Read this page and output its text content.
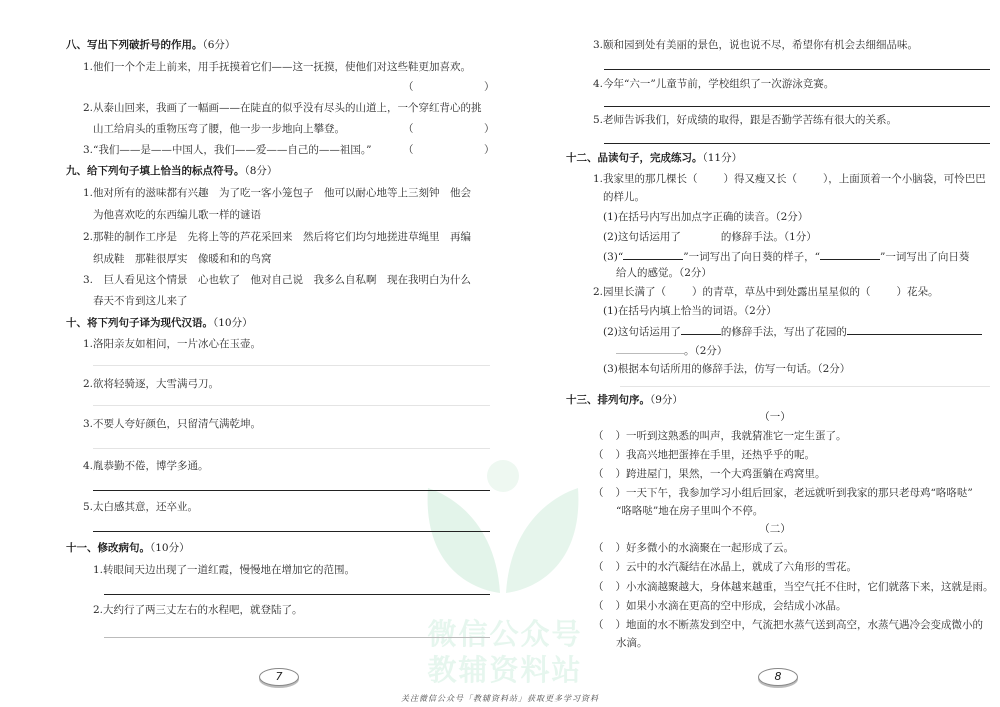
微信公众号
教辅资料站
八、写出下列破折号的作用。（6分）
1.他们一个个走上前来，用手抚摸着它们——这一抚摸，使他们对这些鞋更加喜欢。
（	）
2.从泰山回来，我画了一幅画——在陡直的似乎没有尽头的山道上，一个穿红背心的挑
山工给肩头的重物压弯了腰，他一步一步地向上攀登。	（	）
3.“我们——是——中国人，我们——爱——自己的——祖国。”	（	）
九、给下列句子填上恰当的标点符号。（8分）
1.他对所有的滋味都有兴趣　为了吃一客小笼包子　他可以耐心地等上三刻钟　他会
为他喜欢吃的东西编儿歌一样的谜语
2.那鞋的制作工序是　先将上等的芦花采回来　然后将它们均匀地搓进草绳里　再编
织成鞋　那鞋很厚实　像暖和和的鸟窝
3.　巨人看见这个情景　心也软了　他对自己说　我多么自私啊　现在我明白为什么
春天不肯到这儿来了
十、将下列句子译为现代汉语。（10分）
1.洛阳亲友如相问，一片冰心在玉壶。
2.欲将轻骑逐，大雪满弓刀。
3.不要人夸好颜色，只留清气满乾坤。
4.胤恭勤不倦，博学多通。
5.太白感其意，还卒业。
十一、修改病句。（10分）
1.转眼间天边出现了一道红霞，慢慢地在增加它的范围。
2.大约行了两三丈左右的水程吧，就登陆了。
7
3.颐和园到处有美丽的景色，说也说不尽，希望你有机会去细细品味。
4.今年“六一”儿童节前，学校组织了一次游泳竞赛。
5.老师告诉我们，好成绩的取得，跟是否勤学苦练有很大的关系。
十二、品读句子，完成练习。（11分）
1.我家里的那几棵长（ ）得又瘦又长（ ），上面顶着一个小脑袋，可怜巴巴
的样儿。
(1)在括号内写出加点字正确的读音。（2分）
(2)这句话运用了	的修辞手法。（1分）
(3)“	”一词写出了向日葵的样子，“	”一词写出了向日葵
给人的感觉。（2分）
2.园里长满了（ ）的青草，草丛中到处露出星星似的（ ）花朵。
(1)在括号内填上恰当的词语。（2分）
(2)这句话运用了	的修辞手法，写出了花园的
。（2分）
(3)根据本句话所用的修辞手法，仿写一句话。（2分）
十三、排列句序。（9分）
（一）
（ ）一听到这熟悉的叫声，我就猜准它一定生蛋了。
（ ）我高兴地把蛋捧在手里，还热乎乎的呢。
（ ）跨进屋门，果然，一个大鸡蛋躺在鸡窝里。
（ ）一天下午，我参加学习小组后回家，老远就听到我家的那只老母鸡“咯咯哒”
“咯咯哒”地在房子里叫个不停。
（二）
（ ）好多微小的水滴聚在一起形成了云。
（ ）云中的水汽凝结在冰晶上，就成了六角形的雪花。
（ ）小水滴越聚越大，身体越来越重，当空气托不住时，它们就落下来，这就是雨。
（ ）如果小水滴在更高的空中形成，会结成小冰晶。
（ ）地面的水不断蒸发到空中，气流把水蒸气送到高空，水蒸气遇冷会变成微小的
水滴。
8
关注微信公众号「教辅资料站」获取更多学习资料
